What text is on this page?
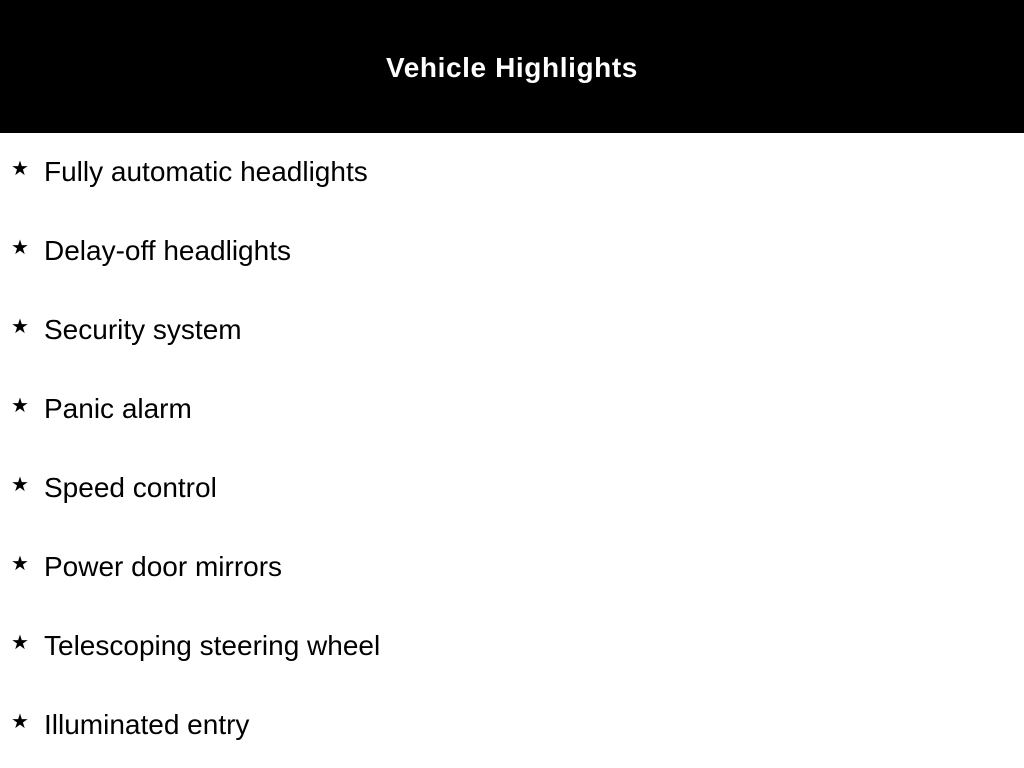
Vehicle Highlights
★ Fully automatic headlights
★ Delay-off headlights
★ Security system
★ Panic alarm
★ Speed control
★ Power door mirrors
★ Telescoping steering wheel
★ Illuminated entry
